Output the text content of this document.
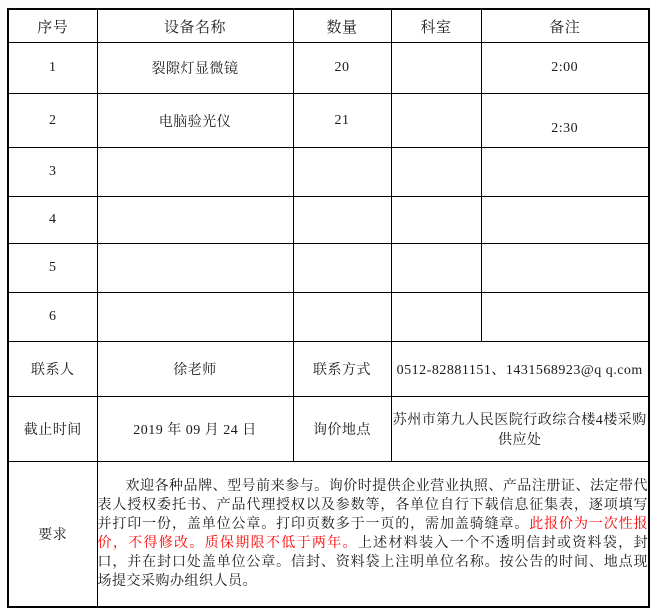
序号	设备名称	数量	科室	备注
1	裂隙灯显微镜	20		2:00
2	电脑验光仪	21		2:30
3				
4				
5				
6				
联系人	徐老师	联系方式	0512-82881151、1431568923@q q.com	
截止时间	2019 年 09 月 24 日	询价地点	苏州市第九人民医院行政综合楼4楼采购供应处	
要求	欢迎各种品牌、型号前来参与。询价时提供企业营业执照、产品注册证、法定带代表人授权委托书、产品代理授权以及参数等，各单位自行下载信息征集表，逐项填写并打印一份，盖单位公章。打印页数多于一页的，需加盖骑缝章。此报价为一次性报价，不得修改。质保期限不低于两年。上述材料装入一个不透明信封或资料袋，封口，并在封口处盖单位公章。信封、资料袋上注明单位名称。按公告的时间、地点现场提交采购办组织人员。			
